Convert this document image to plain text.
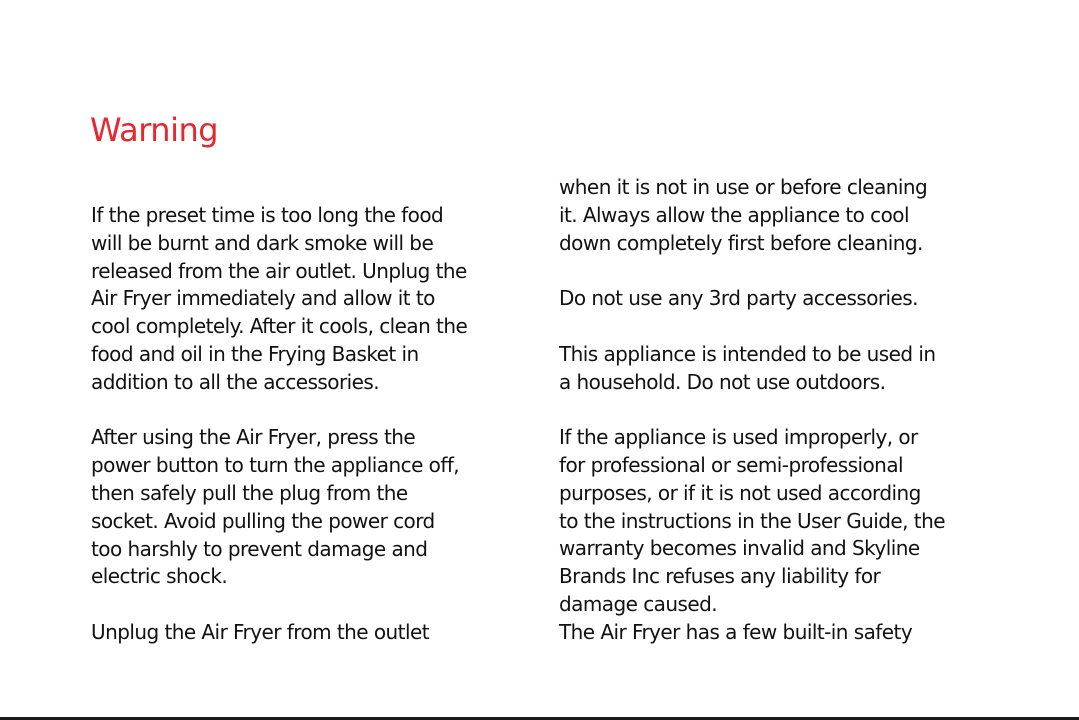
Warning

If the preset time is too long the food
will be burnt and dark smoke will be
released from the air outlet. Unplug the
Air Fryer immediately and allow it to
cool completely. After it cools, clean the
food and oil in the Frying Basket in
addition to all the accessories.

After using the Air Fryer, press the
power button to turn the appliance off,
then safely pull the plug from the
socket. Avoid pulling the power cord
too harshly to prevent damage and
electric shock.

Unplug the Air Fryer from the outlet

when it is not in use or before cleaning
it. Always allow the appliance to cool
down completely first before cleaning.

Do not use any 3rd party accessories.

This appliance is intended to be used in
a household. Do not use outdoors.

If the appliance is used improperly, or
for professional or semi-professional
purposes, or if it is not used according
to the instructions in the User Guide, the
warranty becomes invalid and Skyline
Brands Inc refuses any liability for
damage caused.

The Air Fryer has a few built-in safety
